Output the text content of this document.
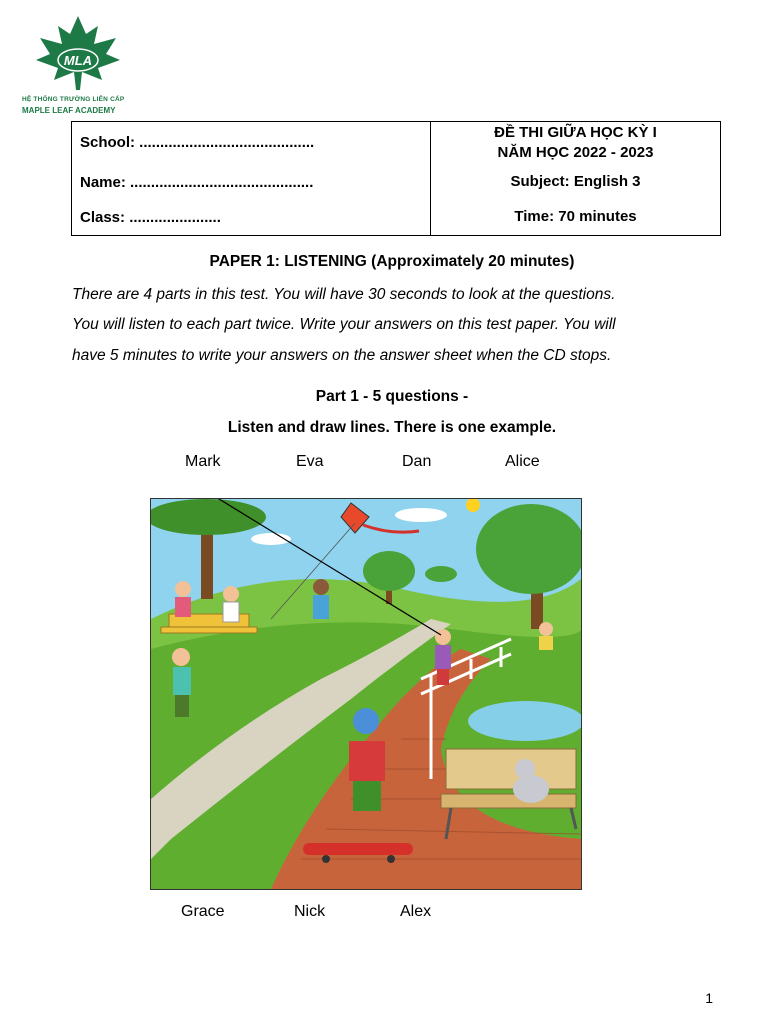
MLA
HỆ THỐNG TRƯỜNG LIÊN CẤP
MAPLE LEAF ACADEMY
School: ..........................................
Name: ............................................
Class: ......................
ĐỀ THI GIỮA HỌC KỲ I
NĂM HỌC 2022 - 2023
Subject: English 3
Time: 70 minutes
PAPER 1: LISTENING (Approximately 20 minutes)
There are 4 parts in this test. You will have 30 seconds to look at the questions.
You will listen to each part twice. Write your answers on this test paper. You will
have 5 minutes to write your answers on the answer sheet when the CD stops.
Part 1 - 5 questions -
Listen and draw lines. There is one example.
Mark	Eva	Dan	Alice
Grace	Nick	Alex
1
